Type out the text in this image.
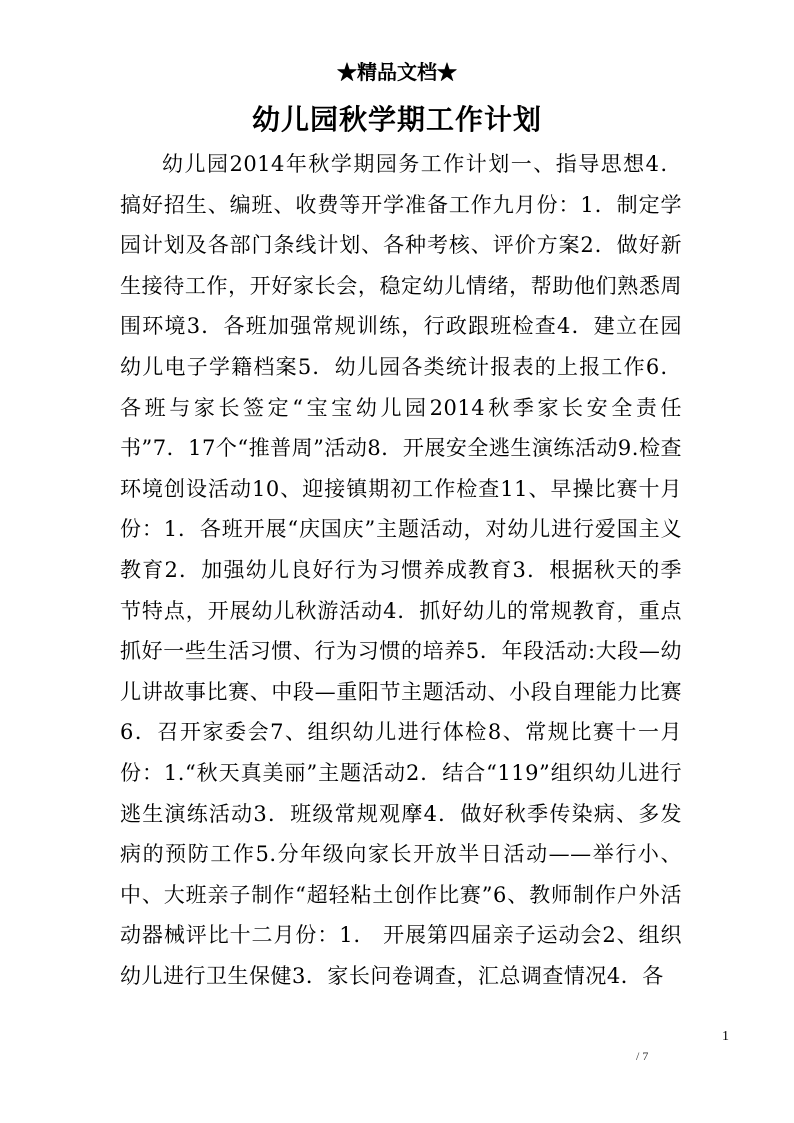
★精品文档★
幼儿园秋学期工作计划

幼儿园2014年秋学期园务工作计划一、指导思想4．搞好招生、编班、收费等开学准备工作九月份：1．制定学园计划及各部门条线计划、各种考核、评价方案2．做好新生接待工作，开好家长会，稳定幼儿情绪，帮助他们熟悉周围环境3．各班加强常规训练，行政跟班检查4．建立在园幼儿电子学籍档案5．幼儿园各类统计报表的上报工作6．各班与家长签定“宝宝幼儿园2014秋季家长安全责任书”7．17个“推普周”活动8．开展安全逃生演练活动9.检查环境创设活动10、迎接镇期初工作检查11、早操比赛十月份：1．各班开展“庆国庆”主题活动，对幼儿进行爱国主义教育2．加强幼儿良好行为习惯养成教育3．根据秋天的季节特点，开展幼儿秋游活动4．抓好幼儿的常规教育，重点抓好一些生活习惯、行为习惯的培养5．年段活动:大段—幼儿讲故事比赛、中段—重阳节主题活动、小段自理能力比赛6．召开家委会7、组织幼儿进行体检8、常规比赛十一月份：1.“秋天真美丽”主题活动2．结合“119”组织幼儿进行逃生演练活动3．班级常规观摩4．做好秋季传染病、多发病的预防工作5.分年级向家长开放半日活动——举行小、中、大班亲子制作“超轻粘土创作比赛”6、教师制作户外活动器械评比十二月份：1． 开展第四届亲子运动会2、组织幼儿进行卫生保健3．家长问卷调查，汇总调查情况4．各

1
/ 7
